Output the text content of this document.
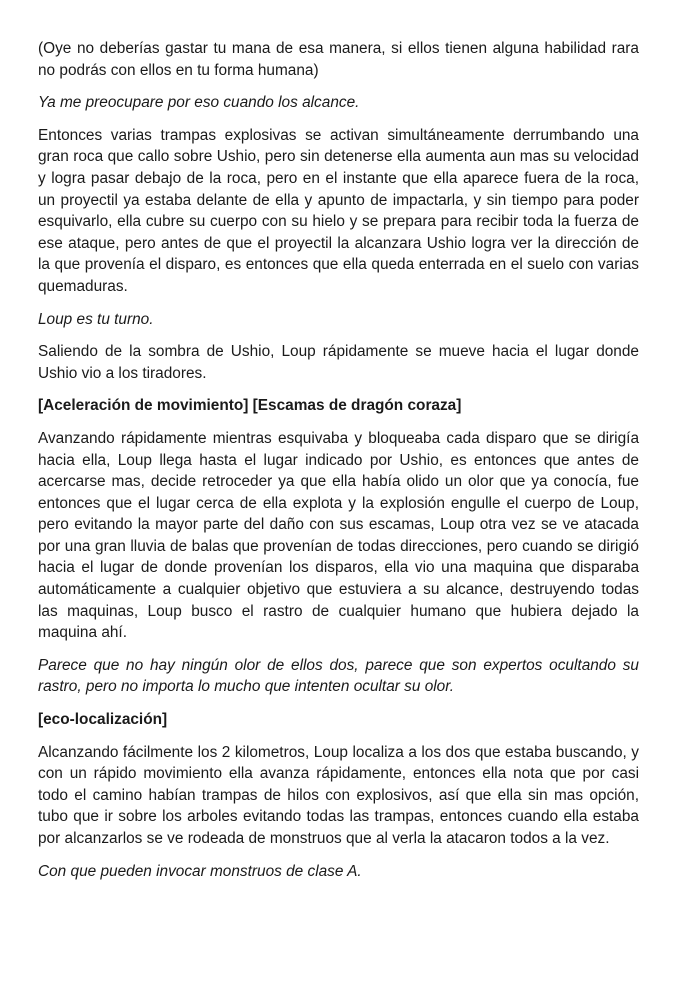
(Oye no deberías gastar tu mana de esa manera, si ellos tienen alguna habilidad rara no podrás con ellos en tu forma humana)

Ya me preocupare por eso cuando los alcance.

Entonces varias trampas explosivas se activan simultáneamente derrumbando una gran roca que callo sobre Ushio, pero sin detenerse ella aumenta aun mas su velocidad y logra pasar debajo de la roca, pero en el instante que ella aparece fuera de la roca, un proyectil ya estaba delante de ella y apunto de impactarla, y sin tiempo para poder esquivarlo, ella cubre su cuerpo con su hielo y se prepara para recibir toda la fuerza de ese ataque, pero antes de que el proyectil la alcanzara Ushio logra ver la dirección de la que provenía el disparo, es entonces que ella queda enterrada en el suelo con varias quemaduras.

Loup es tu turno.

Saliendo de la sombra de Ushio, Loup rápidamente se mueve hacia el lugar donde Ushio vio a los tiradores.

[Aceleración de movimiento] [Escamas de dragón coraza]

Avanzando rápidamente mientras esquivaba y bloqueaba cada disparo que se dirigía hacia ella, Loup llega hasta el lugar indicado por Ushio, es entonces que antes de acercarse mas, decide retroceder ya que ella había olido un olor que ya conocía, fue entonces que el lugar cerca de ella explota y la explosión engulle el cuerpo de Loup, pero evitando la mayor parte del daño con sus escamas, Loup otra vez se ve atacada por una gran lluvia de balas que provenían de todas direcciones, pero cuando se dirigió hacia el lugar de donde provenían los disparos, ella vio una maquina que disparaba automáticamente a cualquier objetivo que estuviera a su alcance, destruyendo todas las maquinas, Loup busco el rastro de cualquier humano que hubiera dejado la maquina ahí.

Parece que no hay ningún olor de ellos dos, parece que son expertos ocultando su rastro, pero no importa lo mucho que intenten ocultar su olor.

[eco-localización]

Alcanzando fácilmente los 2 kilometros, Loup localiza a los dos que estaba buscando, y con un rápido movimiento ella avanza rápidamente, entonces ella nota que por casi todo el camino habían trampas de hilos con explosivos, así que ella sin mas opción, tubo que ir sobre los arboles evitando todas las trampas, entonces cuando ella estaba por alcanzarlos se ve rodeada de monstruos que al verla la atacaron todos a la vez.

Con que pueden invocar monstruos de clase A.
